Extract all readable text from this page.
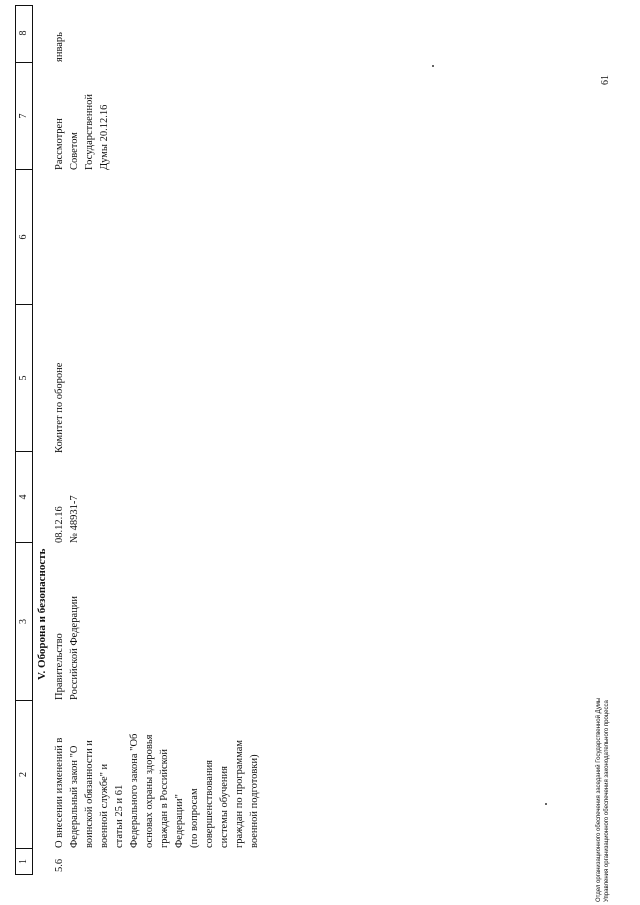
1
2
3
4
5
6
7
8
V. Оборона и безопасность
5.6
О внесении изменений в
Федеральный закон "О
воинской обязанности и
военной службе" и
статьи 25 и 61
Федерального закона "Об
основах охраны здоровья
граждан в Российской
Федерации"
(по вопросам
совершенствования
системы обучения
граждан по программам
военной подготовки)
Правительство
Российской Федерации
08.12.16
№ 48931-7
Комитет по обороне
Рассмотрен
Советом
Государственной
Думы 20.12.16
январь
Отдел организационного обеспечения заседаний Государственной Думы Управления организационного обеспечения законодательного процесса
61
